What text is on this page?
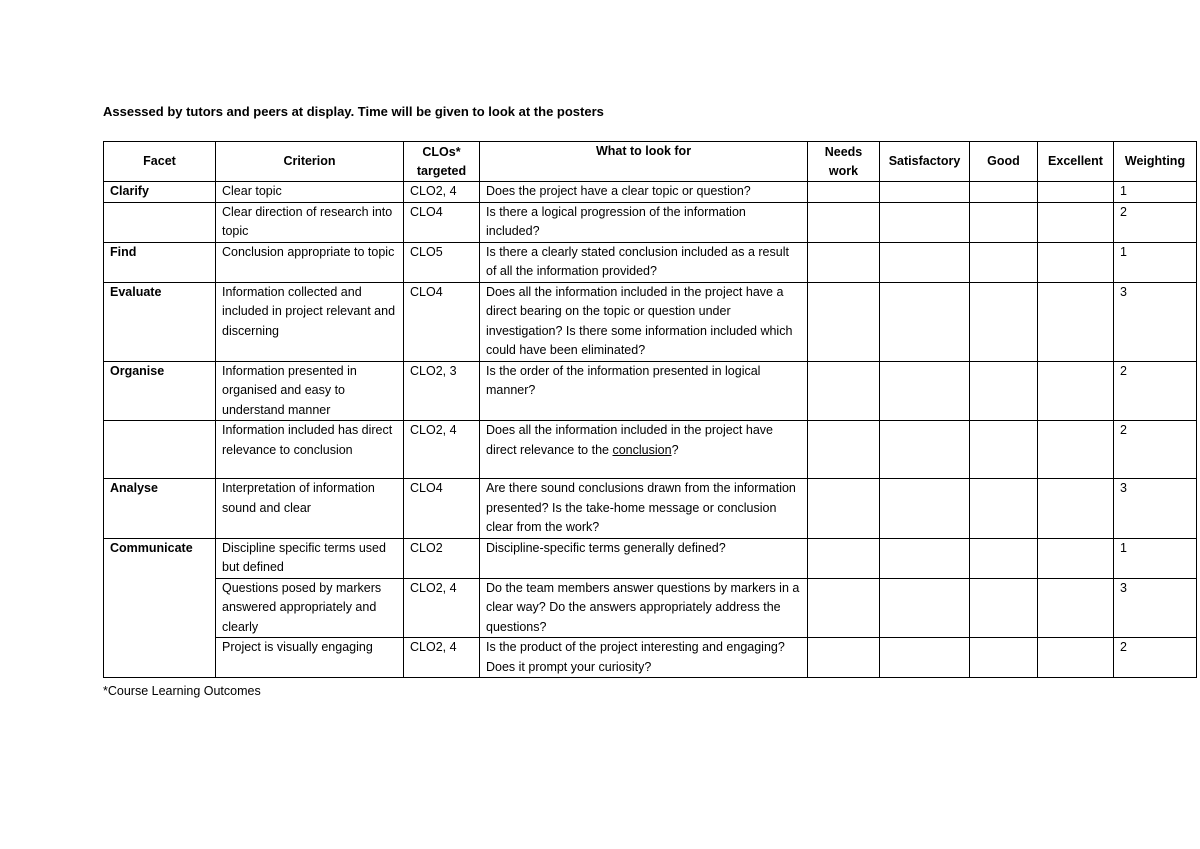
Assessed by tutors and peers at display. Time will be given to look at the posters
Facet	Criterion	CLOs* targeted	What to look for	Needs work	Satisfactory	Good	Excellent	Weighting
Clarify	Clear topic	CLO2, 4	Does the project have a clear topic or question?					1
	Clear direction of research into topic	CLO4	Is there a logical progression of the information included?					2
Find	Conclusion appropriate to topic	CLO5	Is there a clearly stated conclusion included as a result of all the information provided?					1
Evaluate	Information collected and included in project relevant and discerning	CLO4	Does all the information included in the project have a direct bearing on the topic or question under investigation? Is there some information included which could have been eliminated?					3
Organise	Information presented in organised and easy to understand manner	CLO2, 3	Is the order of the information presented in logical manner?					2
	Information included has direct relevance to conclusion	CLO2, 4	Does all the information included in the project have direct relevance to the conclusion?					2
Analyse	Interpretation of information sound and clear	CLO4	Are there sound conclusions drawn from the information presented? Is the take-home message or conclusion clear from the work?					3
Communicate	Discipline specific terms used but defined	CLO2	Discipline-specific terms generally defined?					1
	Questions posed by markers answered appropriately and clearly	CLO2, 4	Do the team members answer questions by markers in a clear way? Do the answers appropriately address the questions?					3
	Project is visually engaging	CLO2, 4	Is the product of the project interesting and engaging? Does it prompt your curiosity?					2
*Course Learning Outcomes
